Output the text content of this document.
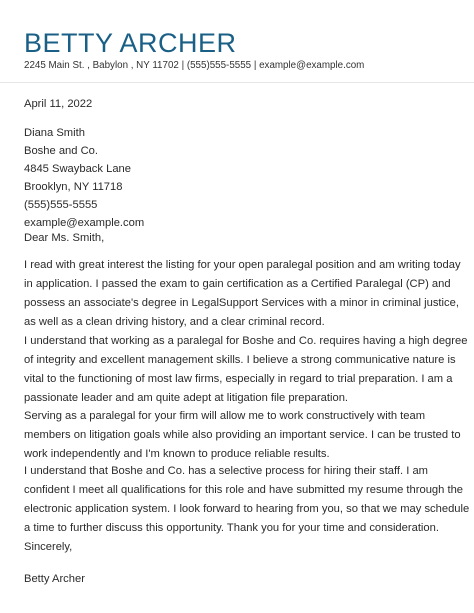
BETTY ARCHER
2245 Main St. , Babylon , NY 11702 | (555)555-5555 | example@example.com
April 11, 2022
Diana Smith
Boshe and Co.
4845 Swayback Lane
Brooklyn, NY 11718
(555)555-5555
example@example.com
Dear Ms. Smith,
I read with great interest the listing for your open paralegal position and am writing today
in application. I passed the exam to gain certification as a Certified Paralegal (CP) and
possess an associate's degree in LegalSupport Services with a minor in criminal justice,
as well as a clean driving history, and a clear criminal record.
I understand that working as a paralegal for Boshe and Co. requires having a high degree
of integrity and excellent management skills. I believe a strong communicative nature is
vital to the functioning of most law firms, especially in regard to trial preparation. I am a
passionate leader and am quite adept at litigation file preparation.
Serving as a paralegal for your firm will allow me to work constructively with team
members on litigation goals while also providing an important service. I can be trusted to
work independently and I'm known to produce reliable results.
I understand that Boshe and Co. has a selective process for hiring their staff. I am
confident I meet all qualifications for this role and have submitted my resume through the
electronic application system. I look forward to hearing from you, so that we may schedule
a time to further discuss this opportunity. Thank you for your time and consideration.
Sincerely,
Betty Archer
